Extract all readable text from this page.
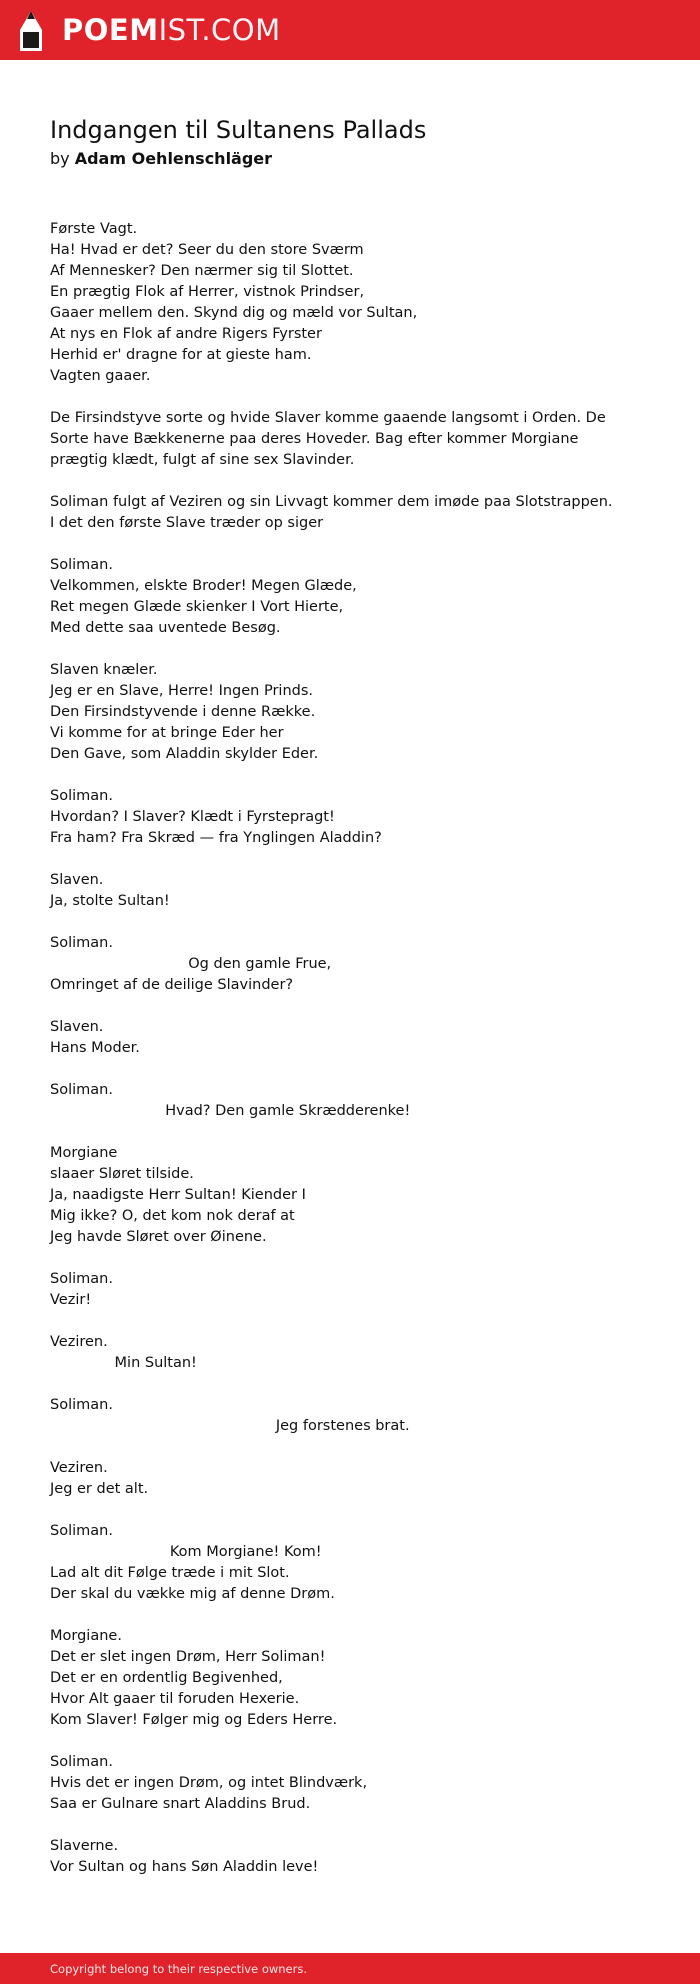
POEMIST.COM
Indgangen til Sultanens Pallads
by Adam Oehlenschläger
Første Vagt.
Ha! Hvad er det? Seer du den store Sværm
Af Mennesker? Den nærmer sig til Slottet.
En prægtig Flok af Herrer, vistnok Prindser,
Gaaer mellem den. Skynd dig og mæld vor Sultan,
At nys en Flok af andre Rigers Fyrster
Herhid er' dragne for at gieste ham.
Vagten gaaer.
De Firsindstyve sorte og hvide Slaver komme gaaende langsomt i Orden. De
Sorte have Bækkenerne paa deres Hoveder. Bag efter kommer Morgiane
prægtig klædt, fulgt af sine sex Slavinder.
Soliman fulgt af Veziren og sin Livvagt kommer dem imøde paa Slotstrappen.
I det den første Slave træder op siger
Soliman.
Velkommen, elskte Broder! Megen Glæde,
Ret megen Glæde skienker I Vort Hierte,
Med dette saa uventede Besøg.
Slaven knæler.
Jeg er en Slave, Herre! Ingen Prinds.
Den Firsindstyvende i denne Række.
Vi komme for at bringe Eder her
Den Gave, som Aladdin skylder Eder.
Soliman.
Hvordan? I Slaver? Klædt i Fyrstepragt!
Fra ham? Fra Skræd — fra Ynglingen Aladdin?
Slaven.
Ja, stolte Sultan!
Soliman.
Og den gamle Frue,
Omringet af de deilige Slavinder?
Slaven.
Hans Moder.
Soliman.
Hvad? Den gamle Skrædderenke!
Morgiane
slaaer Sløret tilside.
Ja, naadigste Herr Sultan! Kiender I
Mig ikke? O, det kom nok deraf at
Jeg havde Sløret over Øinene.
Soliman.
Vezir!
Veziren.
Min Sultan!
Soliman.
Jeg forstenes brat.
Veziren.
Jeg er det alt.
Soliman.
Kom Morgiane! Kom!
Lad alt dit Følge træde i mit Slot.
Der skal du vække mig af denne Drøm.
Morgiane.
Det er slet ingen Drøm, Herr Soliman!
Det er en ordentlig Begivenhed,
Hvor Alt gaaer til foruden Hexerie.
Kom Slaver! Følger mig og Eders Herre.
Soliman.
Hvis det er ingen Drøm, og intet Blindværk,
Saa er Gulnare snart Aladdins Brud.
Slaverne.
Vor Sultan og hans Søn Aladdin leve!
Copyright belong to their respective owners.
